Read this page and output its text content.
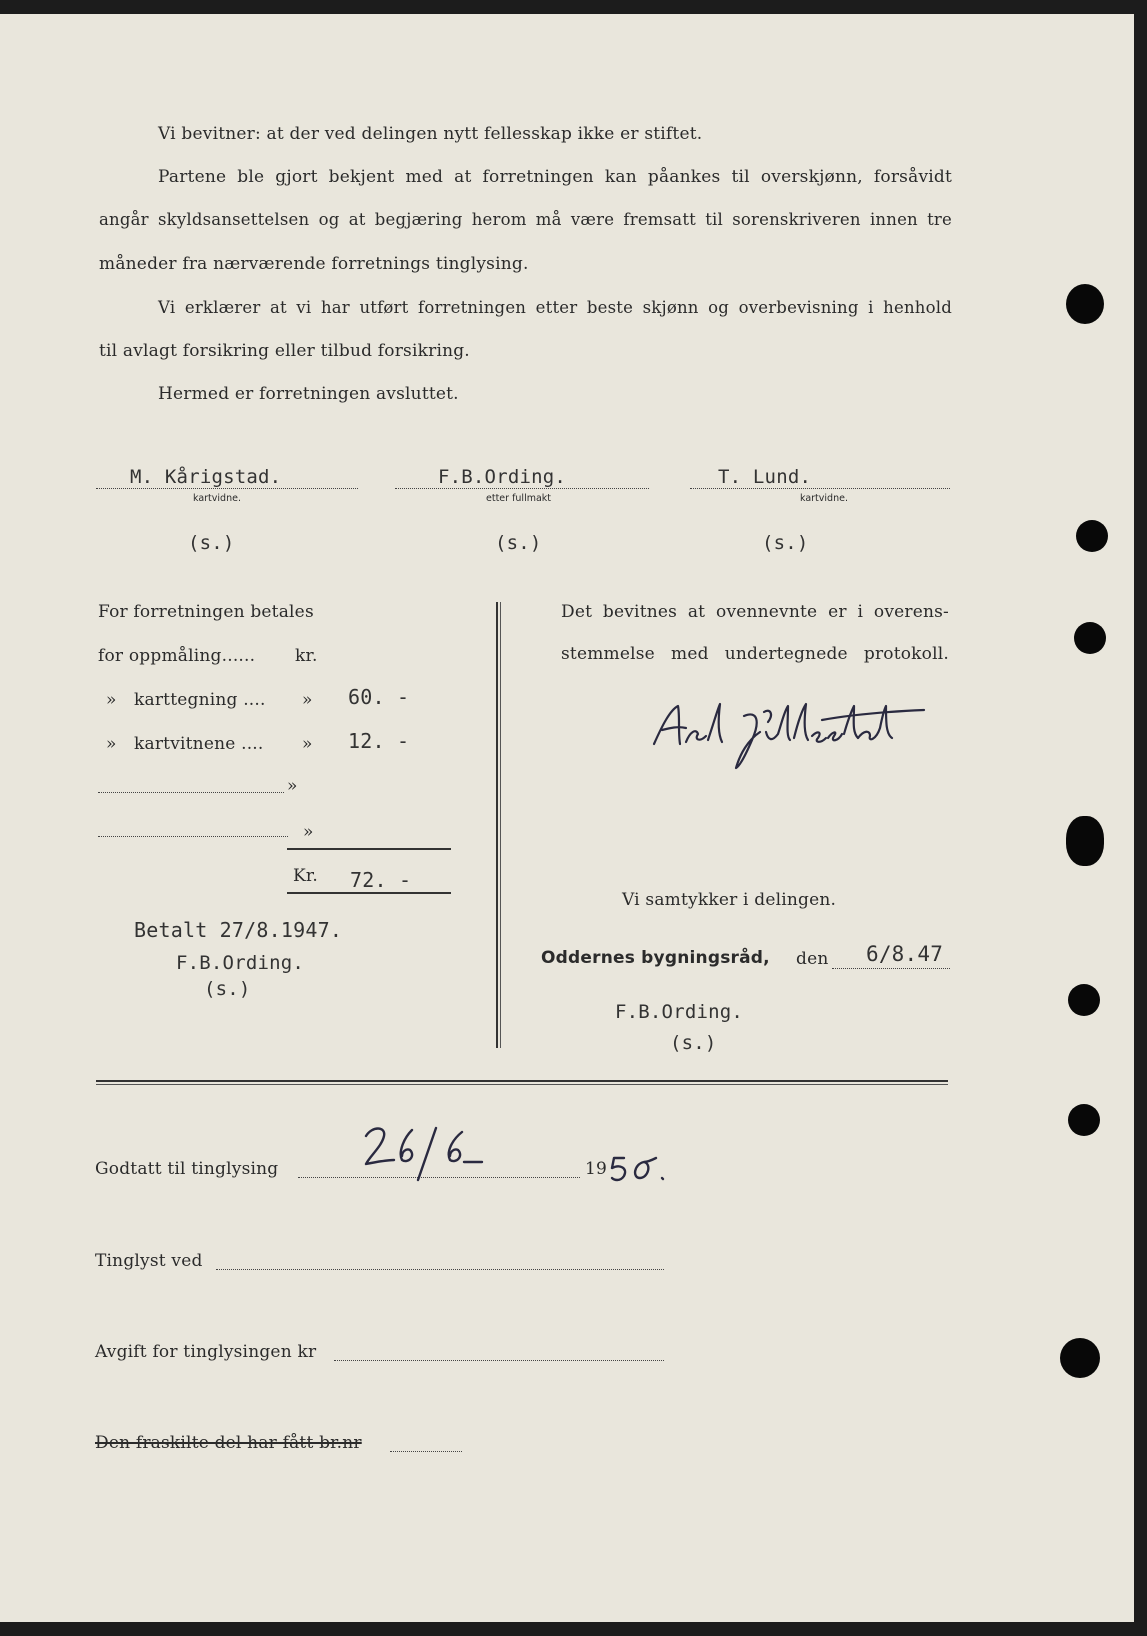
Vi bevitner: at der ved delingen nytt fellesskap ikke er stiftet.
Partene ble gjort bekjent med at forretningen kan påankes til overskjønn, forsåvidt
angår skyldsansettelsen og at begjæring herom må være fremsatt til sorenskriveren innen tre
måneder fra nærværende forretnings tinglysing.
Vi erklærer at vi har utført forretningen etter beste skjønn og overbevisning i henhold
til avlagt forsikring eller tilbud forsikring.
Hermed er forretningen avsluttet.
M. Kårigstad.
kartvidne.
(s.)
F.B.Ording.
etter fullmakt
(s.)
T. Lund.
kartvidne.
(s.)
For forretningen betales
for oppmåling...... kr.
» karttegning .... » 60. -
» kartvitnene .... » 12. -
»
»
Kr. 72. -
Betalt 27/8.1947.
F.B.Ording.
(s.)
Det bevitnes at ovennevnte er i overens-
stemmelse med undertegnede protokoll.
Vi samtykker i delingen.
Oddernes bygningsråd, den 6/8.47
F.B.Ording.
(s.)
Godtatt til tinglysing	19
Tinglyst ved
Avgift for tinglysingen kr
Den fraskilte del har fått br.nr
